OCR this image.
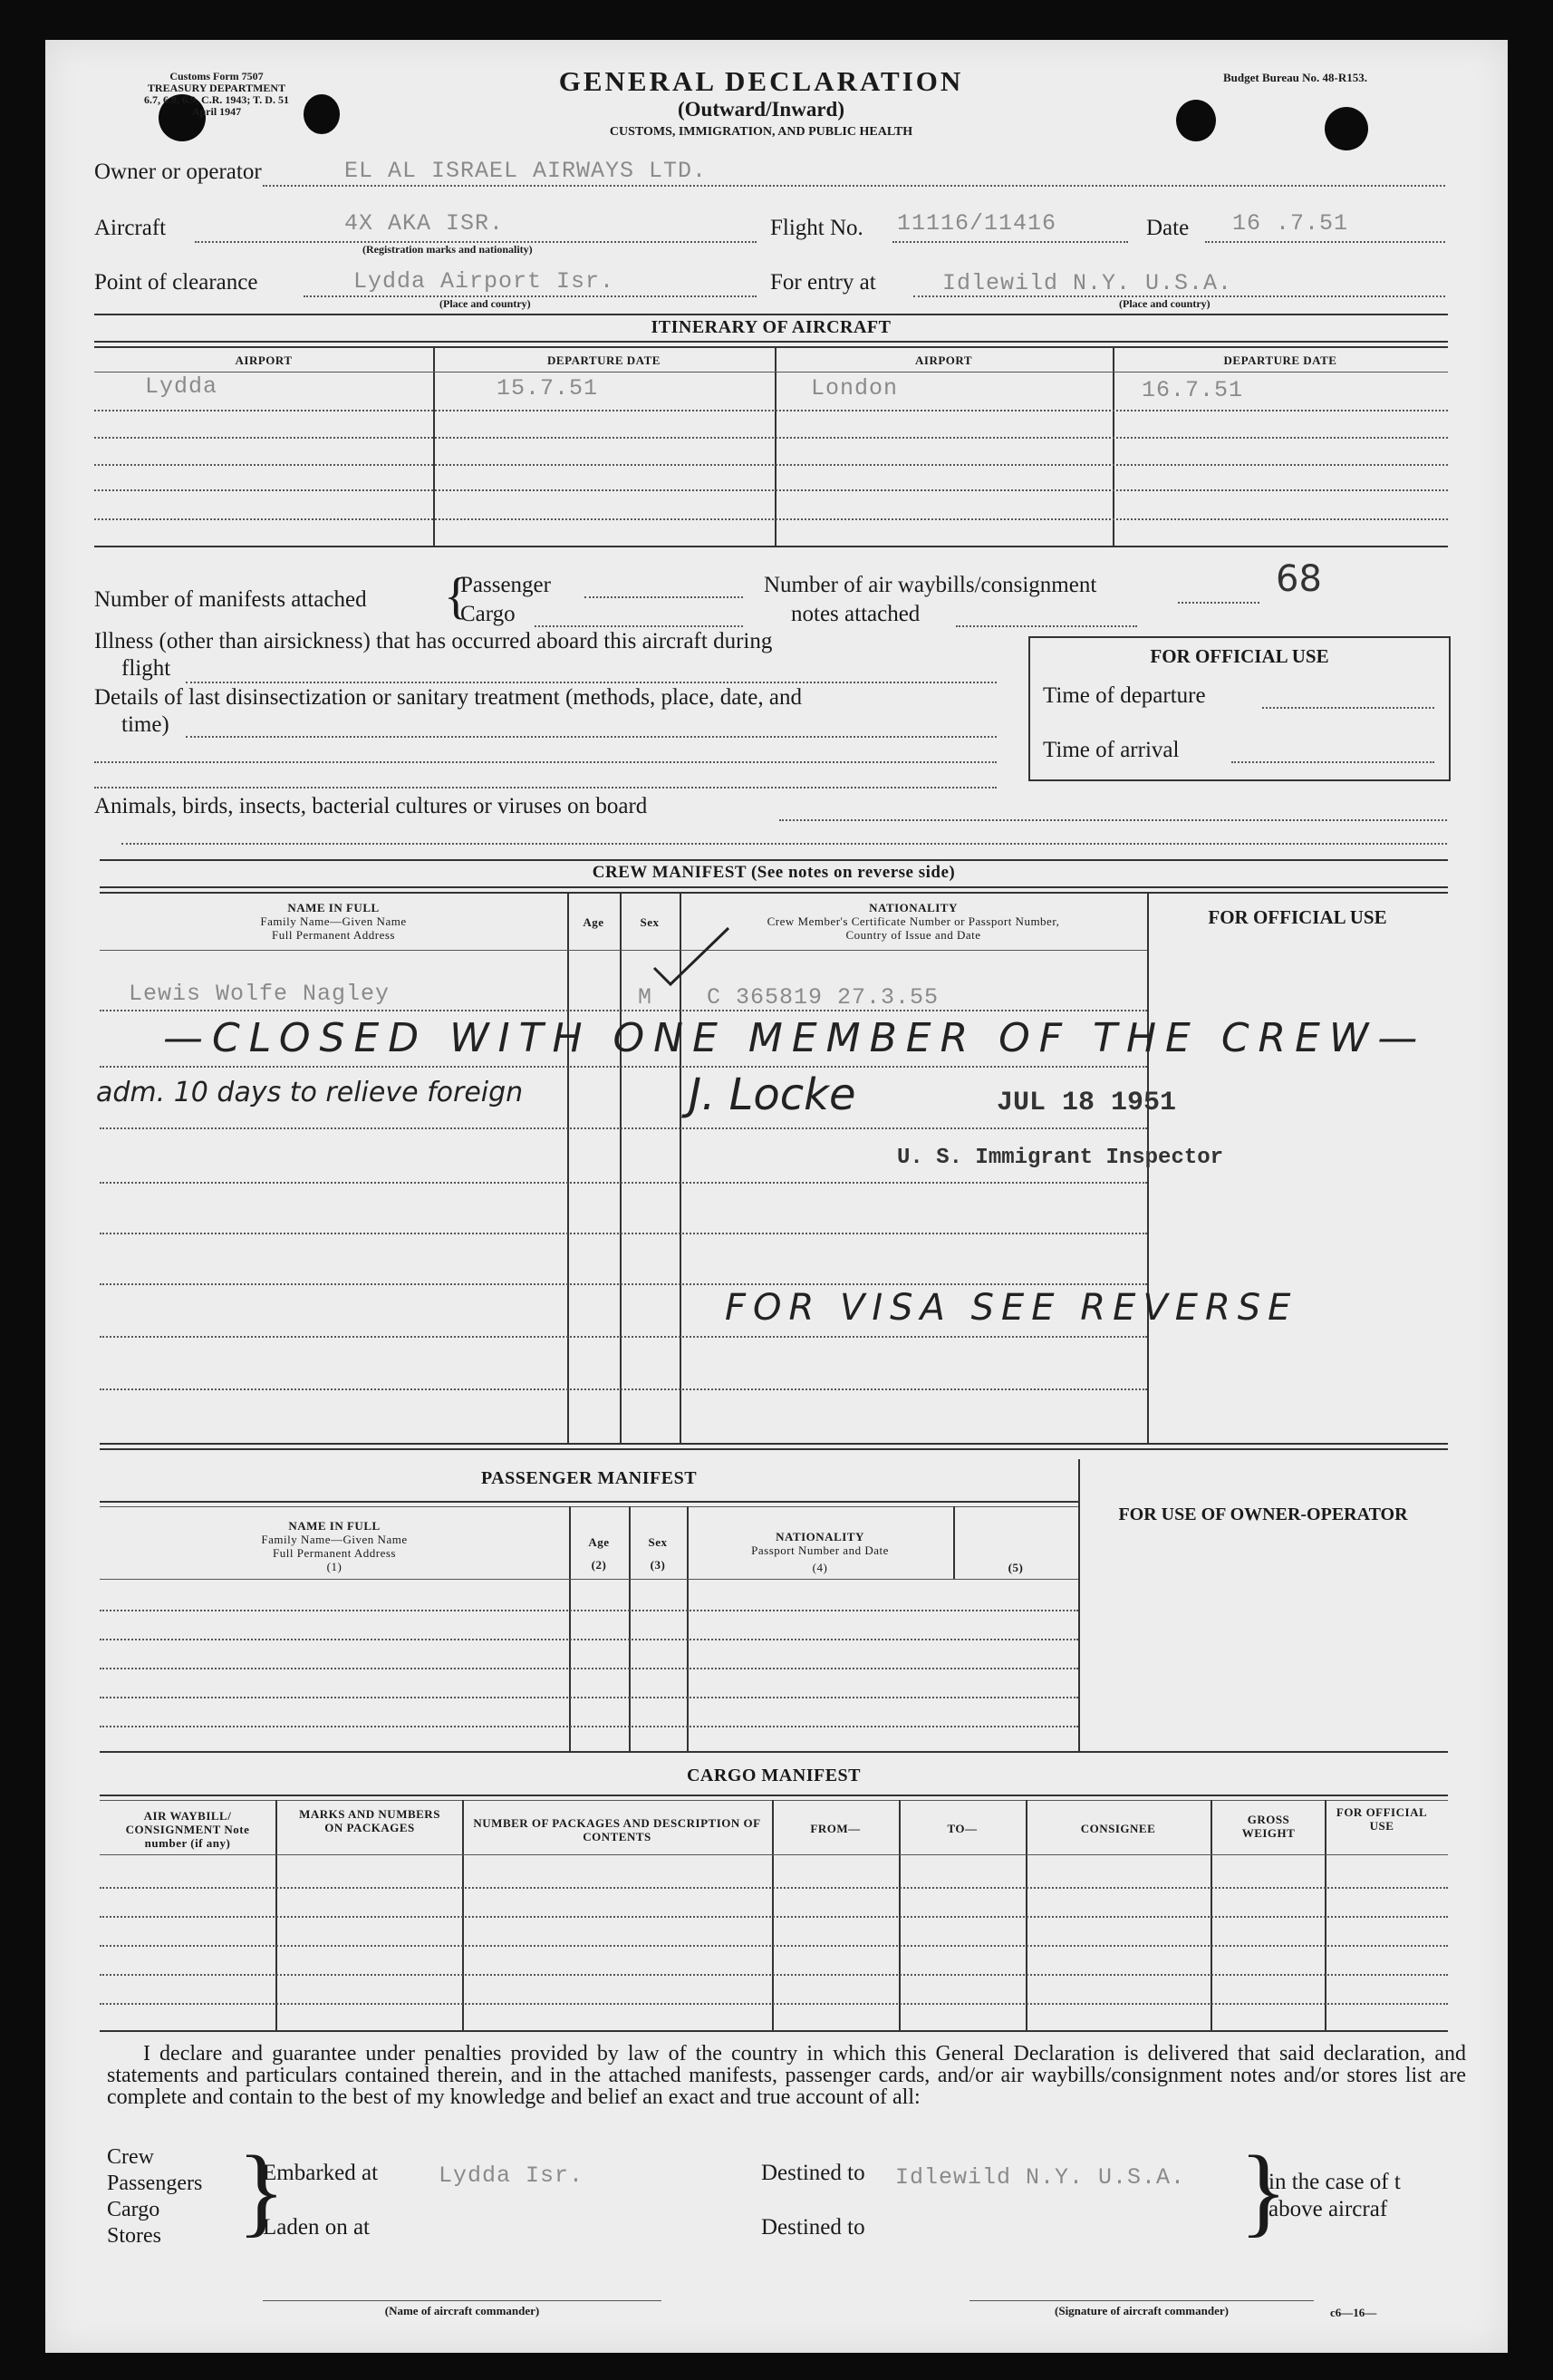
Customs Form 7507
TREASURY DEPARTMENT
6.7, 6.8, 6.9, C.R. 1943; T. D. 51
April 1947
GENERAL DECLARATION
(Outward/Inward)
CUSTOMS, IMMIGRATION, AND PUBLIC HEALTH
Budget Bureau No. 48-R153.
Owner or operator	EL AL ISRAEL AIRWAYS LTD.
Aircraft	4X AKA ISR.
(Registration marks and nationality)
Flight No. 11116/11416	Date 16 .7.51
Point of clearance	Lydda Airport Isr.
(Place and country)
For entry at	Idlewild N.Y. U.S.A.
(Place and country)
ITINERARY OF AIRCRAFT
AIRPORT	DEPARTURE DATE	AIRPORT	DEPARTURE DATE
Lydda	15.7.51	London	16.7.51
Number of manifests attached {
Passenger
Cargo
Number of air waybills/consignment
notes attached
68
Illness (other than airsickness) that has occurred aboard this aircraft during
flight
Details of last disinsectization or sanitary treatment (methods, place, date, and
time)
FOR OFFICIAL USE
Time of departure
Time of arrival
Animals, birds, insects, bacterial cultures or viruses on board
CREW MANIFEST (See notes on reverse side)
NAME IN FULL
Family Name—Given Name
Full Permanent Address
Age	Sex
NATIONALITY
Crew Member's Certificate Number or Passport Number,
Country of Issue and Date
FOR OFFICIAL USE
Lewis Wolfe Nagley	M C 365819 27.3.55
—CLOSED WITH ONE MEMBER OF THE CREW—
adm. 10 days to relieve foreign	J. Locke	JUL 18 1951
U. S. Immigrant Inspector
FOR VISA SEE REVERSE
PASSENGER MANIFEST
FOR USE OF OWNER-OPERATOR
NAME IN FULL
Family Name—Given Name
Full Permanent Address
(1)
Age
(2)
Sex
(3)
NATIONALITY
Passport Number and Date
(4)	(5)
CARGO MANIFEST
AIR WAYBILL/ CONSIGNMENT Note number (if any)
MARKS AND NUMBERS ON PACKAGES	NUMBER OF PACKAGES AND DESCRIPTION OF CONTENTS
FROM—	TO—	CONSIGNEE
GROSS WEIGHT
FOR OFFICIAL USE
I declare and guarantee under penalties provided by law of the country in which this General Declaration is delivered that said declaration, and statements and particulars contained therein, and in the attached manifests, passenger cards, and/or air waybills/consignment notes and/or stores list are complete and contain to the best of my knowledge and belief an exact and true account of all:
Crew
Passengers
Cargo
Stores }
Embarked at	Lydda Isr.
Laden on at
Destined to Idlewild N.Y. U.S.A.
Destined to	}
in the case of t
above aircraf
(Name of aircraft commander)	(Signature of aircraft commander)	c6—16—
